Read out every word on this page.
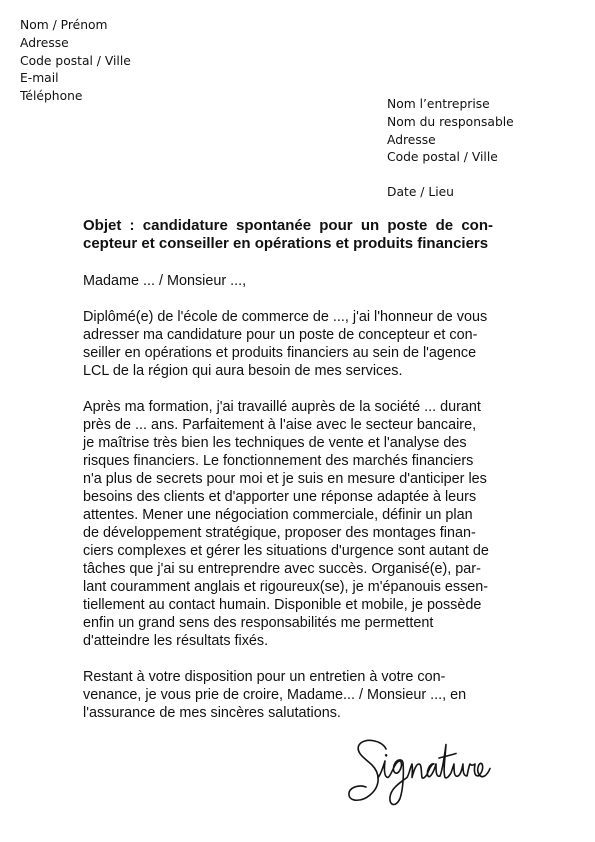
Nom / Prénom
Adresse
Code postal / Ville
E-mail
Téléphone
Nom l’entreprise
Nom du responsable
Adresse
Code postal / Ville
Date / Lieu
Objet : candidature spontanée pour un poste de con-
cepteur et conseiller en opérations et produits financiers
Madame ... / Monsieur ...,
Diplômé(e) de l'école de commerce de ..., j'ai l'honneur de vous
adresser ma candidature pour un poste de concepteur et con-
seiller en opérations et produits financiers au sein de l'agence
LCL de la région qui aura besoin de mes services.
Après ma formation, j'ai travaillé auprès de la société ... durant
près de ... ans. Parfaitement à l'aise avec le secteur bancaire,
je maîtrise très bien les techniques de vente et l'analyse des
risques financiers. Le fonctionnement des marchés financiers
n'a plus de secrets pour moi et je suis en mesure d'anticiper les
besoins des clients et d'apporter une réponse adaptée à leurs
attentes. Mener une négociation commerciale, définir un plan
de développement stratégique, proposer des montages finan-
ciers complexes et gérer les situations d'urgence sont autant de
tâches que j'ai su entreprendre avec succès. Organisé(e), par-
lant couramment anglais et rigoureux(se), je m'épanouis essen-
tiellement au contact humain. Disponible et mobile, je possède
enfin un grand sens des responsabilités me permettent
d'atteindre les résultats fixés.
Restant à votre disposition pour un entretien à votre con-
venance, je vous prie de croire, Madame... / Monsieur ..., en
l'assurance de mes sincères salutations.
